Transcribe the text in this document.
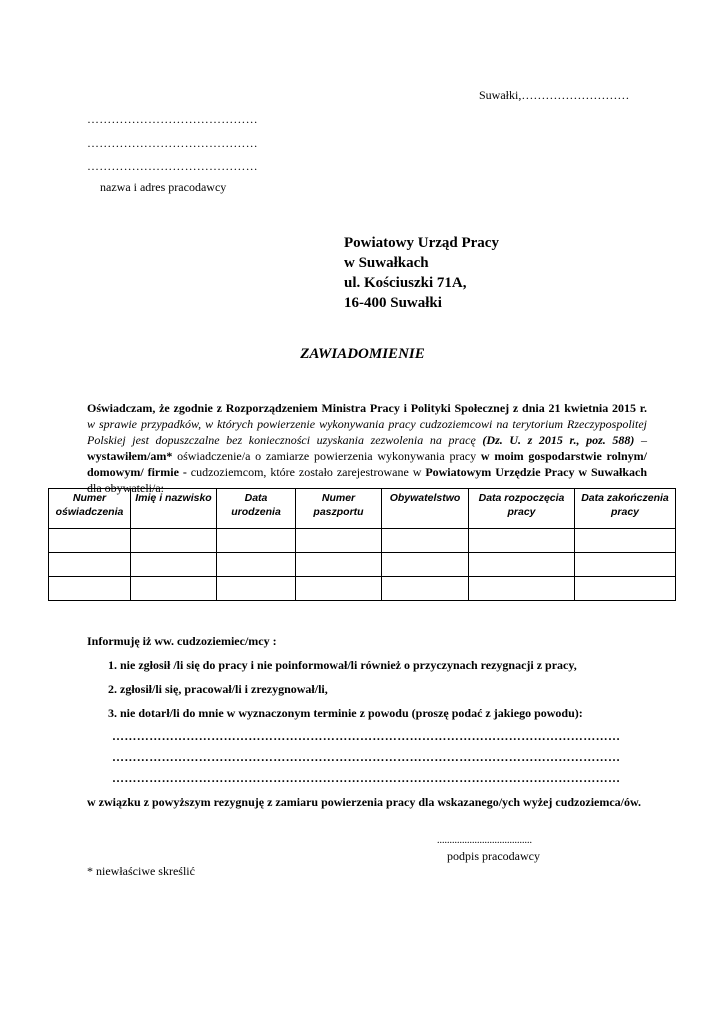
Suwałki,………………………
……………………………………
……………………………………
……………………………………
nazwa i adres pracodawcy
Powiatowy Urząd Pracy
w Suwałkach
ul. Kościuszki 71A,
16-400 Suwałki
ZAWIADOMIENIE
Oświadczam, że zgodnie z Rozporządzeniem Ministra Pracy i Polityki Społecznej z dnia 21 kwietnia 2015 r.
w sprawie przypadków, w których powierzenie wykonywania pracy cudzoziemcowi na terytorium Rzeczypospolitej
Polskiej jest dopuszczalne bez konieczności uzyskania zezwolenia na pracę (Dz. U. z 2015 r., poz. 588) –
wystawiłem/am* oświadczenie/a o zamiarze powierzenia wykonywania pracy w moim gospodarstwie rolnym/
domowym/ firmie - cudzoziemcom, które zostało zarejestrowane w Powiatowym Urzędzie Pracy w Suwałkach
dla obywateli/a:
Numer oświadczenia	Imię i nazwisko	Data urodzenia	Numer paszportu	Obywatelstwo	Data rozpoczęcia pracy	Data zakończenia pracy

Informuję iż ww. cudzoziemiec/mcy :
1. nie zgłosił /li się do pracy i nie poinformował/li również o przyczynach rezygnacji z pracy,
2. zgłosił/li się, pracował/li i zrezygnował/li,
3. nie dotarł/li do mnie w wyznaczonym terminie z powodu (proszę podać z jakiego powodu):
……………………………………………………………………………………………………………
……………………………………………………………………………………………………………
……………………………………………………………………………………………………………
w związku z powyższym rezygnuję z zamiaru powierzenia pracy dla wskazanego/ych wyżej cudzoziemca/ów.
......................................
podpis pracodawcy
* niewłaściwe skreślić
